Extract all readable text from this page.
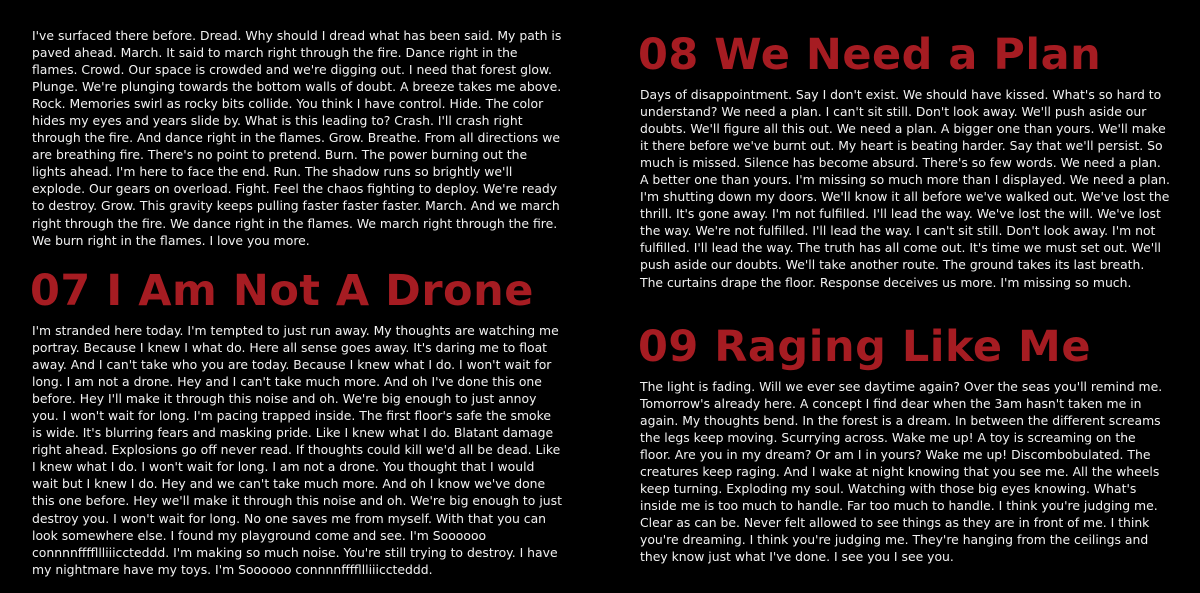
I've surfaced there before. Dread. Why should I dread what has been said. My path is paved ahead. March. It said to march right through the fire. Dance right in the flames. Crowd. Our space is crowded and we're digging out. I need that forest glow. Plunge. We're plunging towards the bottom walls of doubt. A breeze takes me above. Rock. Memories swirl as rocky bits collide. You think I have control. Hide. The color hides my eyes and years slide by. What is this leading to? Crash. I'll crash right through the fire. And dance right in the flames. Grow. Breathe. From all directions we are breathing fire. There's no point to pretend. Burn. The power burning out the lights ahead. I'm here to face the end. Run. The shadow runs so brightly we'll explode. Our gears on overload. Fight. Feel the chaos fighting to deploy. We're ready to destroy. Grow. This gravity keeps pulling faster faster faster. March. And we march right through the fire. We dance right in the flames. We march right through the fire. We burn right in the flames. I love you more.

07 I Am Not A Drone

I'm stranded here today. I'm tempted to just run away. My thoughts are watching me portray. Because I knew I what do. Here all sense goes away. It's daring me to float away. And I can't take who you are today. Because I knew what I do. I won't wait for long. I am not a drone. Hey and I can't take much more. And oh I've done this one before. Hey I'll make it through this noise and oh. We're big enough to just annoy you. I won't wait for long. I'm pacing trapped inside. The first floor's safe the smoke is wide. It's blurring fears and masking pride. Like I knew what I do. Blatant damage right ahead. Explosions go off never read. If thoughts could kill we'd all be dead. Like I knew what I do. I won't wait for long. I am not a drone. You thought that I would wait but I knew I do. Hey and we can't take much more. And oh I know we've done this one before. Hey we'll make it through this noise and oh. We're big enough to just destroy you. I won't wait for long. No one saves me from myself. With that you can look somewhere else. I found my playground come and see. I'm Soooooo connnnffffllliiiccteddd. I'm making so much noise. You're still trying to destroy. I have my nightmare have my toys. I'm Soooooo connnnffffllliiiccteddd.

08 We Need a Plan

Days of disappointment. Say I don't exist. We should have kissed. What's so hard to understand? We need a plan. I can't sit still. Don't look away. We'll push aside our doubts. We'll figure all this out. We need a plan. A bigger one than yours. We'll make it there before we've burnt out. My heart is beating harder. Say that we'll persist. So much is missed. Silence has become absurd. There's so few words. We need a plan. A better one than yours. I'm missing so much more than I displayed. We need a plan. I'm shutting down my doors. We'll know it all before we've walked out. We've lost the thrill. It's gone away. I'm not fulfilled. I'll lead the way. We've lost the will. We've lost the way. We're not fulfilled. I'll lead the way. I can't sit still. Don't look away. I'm not fulfilled. I'll lead the way. The truth has all come out. It's time we must set out. We'll push aside our doubts. We'll take another route. The ground takes its last breath. The curtains drape the floor. Response deceives us more. I'm missing so much.

09 Raging Like Me

The light is fading. Will we ever see daytime again? Over the seas you'll remind me. Tomorrow's already here. A concept I find dear when the 3am hasn't taken me in again. My thoughts bend. In the forest is a dream. In between the different screams the legs keep moving. Scurrying across. Wake me up! A toy is screaming on the floor. Are you in my dream? Or am I in yours? Wake me up! Discombobulated. The creatures keep raging. And I wake at night knowing that you see me. All the wheels keep turning. Exploding my soul. Watching with those big eyes knowing. What's inside me is too much to handle. Far too much to handle. I think you're judging me. Clear as can be. Never felt allowed to see things as they are in front of me. I think you're dreaming. I think you're judging me. They're hanging from the ceilings and they know just what I've done. I see you I see you.
